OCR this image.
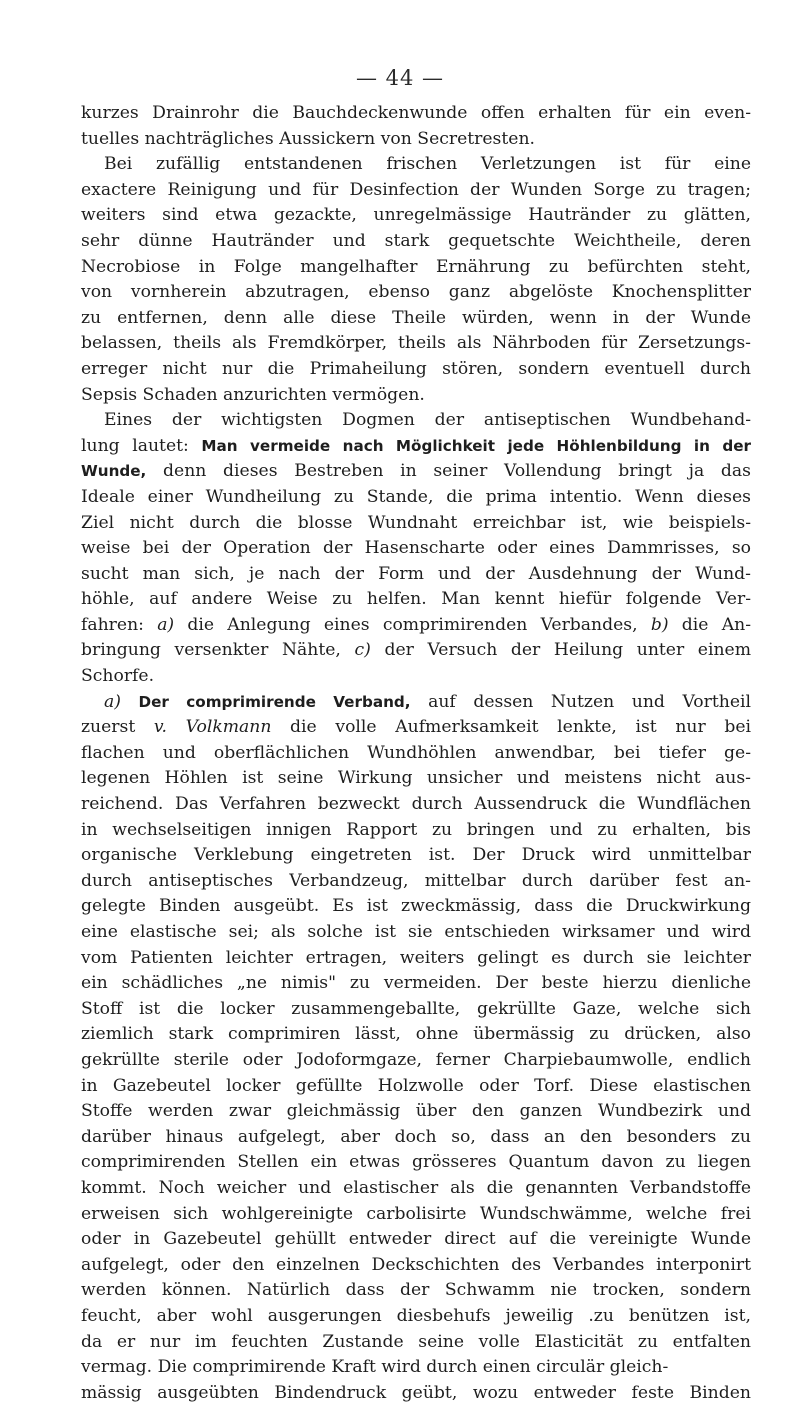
— 44 —
kurzes Drainrohr die Bauchdeckenwunde offen erhalten für ein even-
tuelles nachträgliches Aussickern von Secretresten.
Bei zufällig entstandenen frischen Verletzungen ist für eine
exactere Reinigung und für Desinfection der Wunden Sorge zu tragen;
weiters sind etwa gezackte, unregelmässige Hautränder zu glätten,
sehr dünne Hautränder und stark gequetschte Weichtheile, deren
Necrobiose in Folge mangelhafter Ernährung zu befürchten steht,
von vornherein abzutragen, ebenso ganz abgelöste Knochensplitter
zu entfernen, denn alle diese Theile würden, wenn in der Wunde
belassen, theils als Fremdkörper, theils als Nährboden für Zersetzungs-
erreger nicht nur die Primaheilung stören, sondern eventuell durch
Sepsis Schaden anzurichten vermögen.
Eines der wichtigsten Dogmen der antiseptischen Wundbehand-
lung lautet: Man vermeide nach Möglichkeit jede Höhlenbildung in der
Wunde, denn dieses Bestreben in seiner Vollendung bringt ja das
Ideale einer Wundheilung zu Stande, die prima intentio. Wenn dieses
Ziel nicht durch die blosse Wundnaht erreichbar ist, wie beispiels-
weise bei der Operation der Hasenscharte oder eines Dammrisses, so
sucht man sich, je nach der Form und der Ausdehnung der Wund-
höhle, auf andere Weise zu helfen. Man kennt hiefür folgende Ver-
fahren: a) die Anlegung eines comprimirenden Verbandes, b) die An-
bringung versenkter Nähte, c) der Versuch der Heilung unter einem
Schorfe.
a) Der comprimirende Verband, auf dessen Nutzen und Vortheil
zuerst v. Volkmann die volle Aufmerksamkeit lenkte, ist nur bei
flachen und oberflächlichen Wundhöhlen anwendbar, bei tiefer ge-
legenen Höhlen ist seine Wirkung unsicher und meistens nicht aus-
reichend. Das Verfahren bezweckt durch Aussendruck die Wundflächen
in wechselseitigen innigen Rapport zu bringen und zu erhalten, bis
organische Verklebung eingetreten ist. Der Druck wird unmittelbar
durch antiseptisches Verbandzeug, mittelbar durch darüber fest an-
gelegte Binden ausgeübt. Es ist zweckmässig, dass die Druckwirkung
eine elastische sei; als solche ist sie entschieden wirksamer und wird
vom Patienten leichter ertragen, weiters gelingt es durch sie leichter
ein schädliches „ne nimis" zu vermeiden. Der beste hierzu dienliche
Stoff ist die locker zusammengeballte, gekrüllte Gaze, welche sich
ziemlich stark comprimiren lässt, ohne übermässig zu drücken, also
gekrüllte sterile oder Jodoformgaze, ferner Charpiebaumwolle, endlich
in Gazebeutel locker gefüllte Holzwolle oder Torf. Diese elastischen
Stoffe werden zwar gleichmässig über den ganzen Wundbezirk und
darüber hinaus aufgelegt, aber doch so, dass an den besonders zu
comprimirenden Stellen ein etwas grösseres Quantum davon zu liegen
kommt. Noch weicher und elastischer als die genannten Verbandstoffe
erweisen sich wohlgereinigte carbolisirte Wundschwämme, welche frei
oder in Gazebeutel gehüllt entweder direct auf die vereinigte Wunde
aufgelegt, oder den einzelnen Deckschichten des Verbandes interponirt
werden können. Natürlich dass der Schwamm nie trocken, sondern
feucht, aber wohl ausgerungen diesbehufs jeweilig .zu benützen ist,
da er nur im feuchten Zustande seine volle Elasticität zu entfalten
vermag. Die comprimirende Kraft wird durch einen circulär gleich-
mässig ausgeübten Bindendruck geübt, wozu entweder feste Binden
